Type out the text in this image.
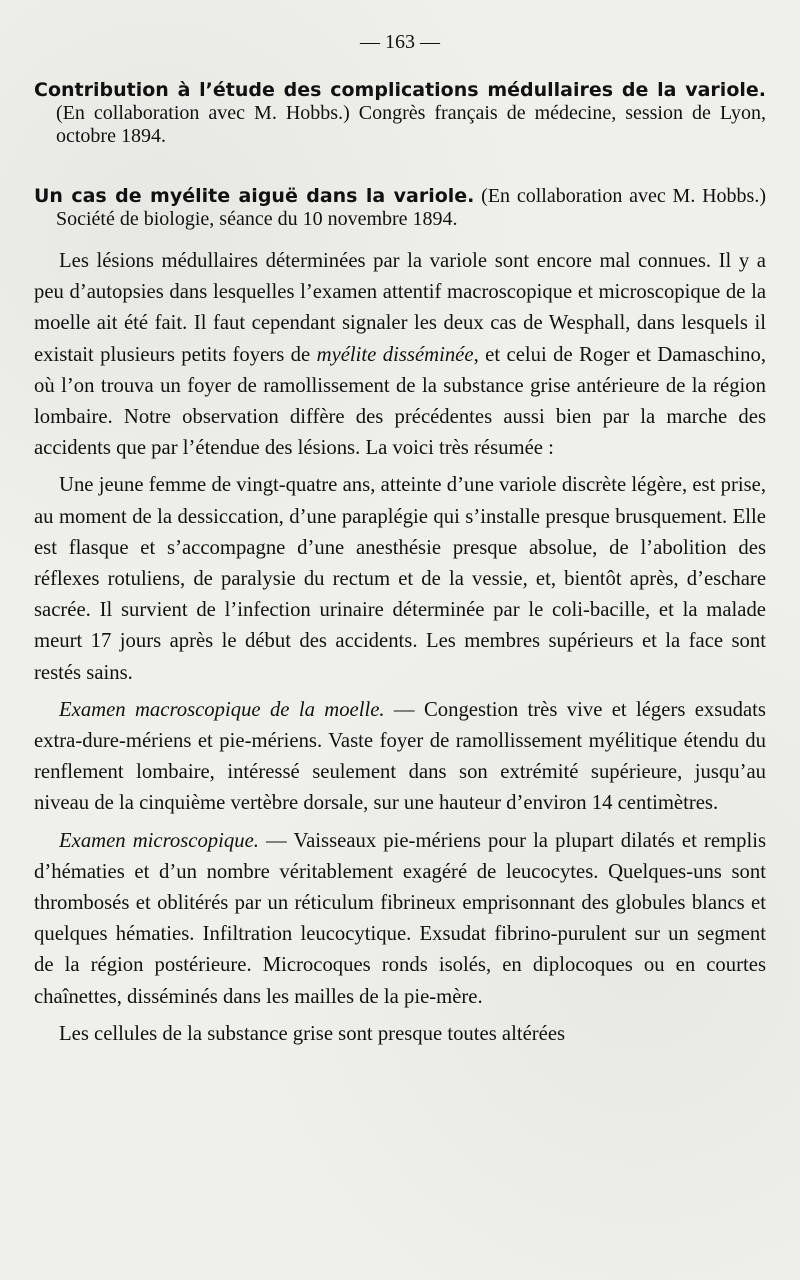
— 163 —
Contribution à l’étude des complications médullaires de la variole. (En collaboration avec M. Hobbs.) Congrès français de médecine, session de Lyon, octobre 1894.
Un cas de myélite aiguë dans la variole. (En collaboration avec M. Hobbs.) Société de biologie, séance du 10 novembre 1894.

Les lésions médullaires déterminées par la variole sont encore mal connues. Il y a peu d’autopsies dans lesquelles l’examen attentif macroscopique et microscopique de la moelle ait été fait. Il faut cependant signaler les deux cas de Wesphall, dans lesquels il existait plusieurs petits foyers de myélite disséminée, et celui de Roger et Damaschino, où l’on trouva un foyer de ramollissement de la substance grise antérieure de la région lombaire. Notre observation diffère des précédentes aussi bien par la marche des accidents que par l’étendue des lésions. La voici très résumée :

Une jeune femme de vingt-quatre ans, atteinte d’une variole discrète légère, est prise, au moment de la dessiccation, d’une paraplégie qui s’installe presque brusquement. Elle est flasque et s’accompagne d’une anesthésie presque absolue, de l’abolition des réflexes rotuliens, de paralysie du rectum et de la vessie, et, bientôt après, d’eschare sacrée. Il survient de l’infection urinaire déterminée par le coli-bacille, et la malade meurt 17 jours après le début des accidents. Les membres supérieurs et la face sont restés sains.

Examen macroscopique de la moelle. — Congestion très vive et légers exsudats extra-dure-mériens et pie-mériens. Vaste foyer de ramollissement myélitique étendu du renflement lombaire, intéressé seulement dans son extrémité supérieure, jusqu’au niveau de la cinquième vertèbre dorsale, sur une hauteur d’environ 14 centimètres.

Examen microscopique. — Vaisseaux pie-mériens pour la plupart dilatés et remplis d’hématies et d’un nombre véritablement exagéré de leucocytes. Quelques-uns sont thrombosés et oblitérés par un réticulum fibrineux emprisonnant des globules blancs et quelques hématies. Infiltration leucocytique. Exsudat fibrino-purulent sur un segment de la région postérieure. Microcoques ronds isolés, en diplocoques ou en courtes chaînettes, disséminés dans les mailles de la pie-mère.

Les cellules de la substance grise sont presque toutes altérées
